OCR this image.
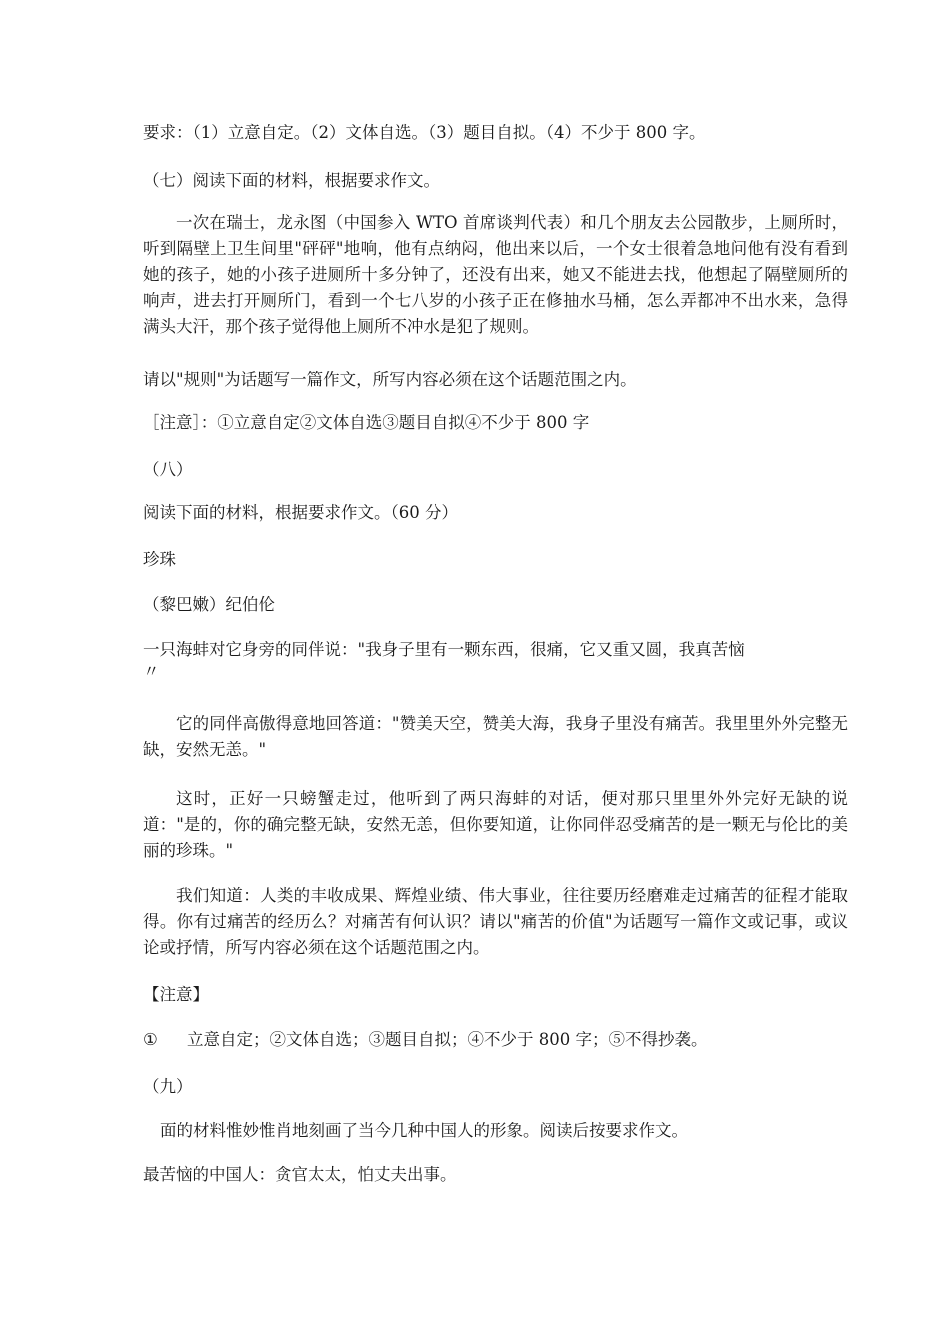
要求：（1）立意自定。（2）文体自选。（3）题目自拟。（4）不少于 800 字。
（七）阅读下面的材料，根据要求作文。
一次在瑞士，龙永图（中国参入 WTO 首席谈判代表）和几个朋友去公园散步，上厕所时，听到隔壁上卫生间里"砰砰"地响，他有点纳闷，他出来以后，一个女士很着急地问他有没有看到她的孩子，她的小孩子进厕所十多分钟了，还没有出来，她又不能进去找，他想起了隔壁厕所的响声，进去打开厕所门，看到一个七八岁的小孩子正在修抽水马桶，怎么弄都冲不出水来，急得满头大汗，那个孩子觉得他上厕所不冲水是犯了规则。
请以"规则"为话题写一篇作文，所写内容必须在这个话题范围之内。
［注意］：①立意自定②文体自选③题目自拟④不少于 800 字
（八）
阅读下面的材料，根据要求作文。（60 分）
珍珠
（黎巴嫩）纪伯伦
一只海蚌对它身旁的同伴说："我身子里有一颗东西，很痛，它又重又圆，我真苦恼
〃
它的同伴高傲得意地回答道："赞美天空，赞美大海，我身子里没有痛苦。我里里外外完整无缺，安然无恙。"
这时，正好一只螃蟹走过，他听到了两只海蚌的对话，便对那只里里外外完好无缺的说道："是的，你的确完整无缺，安然无恙，但你要知道，让你同伴忍受痛苦的是一颗无与伦比的美丽的珍珠。"
我们知道：人类的丰收成果、辉煌业绩、伟大事业，往往要历经磨难走过痛苦的征程才能取得。你有过痛苦的经历么？对痛苦有何认识？请以"痛苦的价值"为话题写一篇作文或记事，或议论或抒情，所写内容必须在这个话题范围之内。
【注意】
① 立意自定；②文体自选；③题目自拟；④不少于 800 字；⑤不得抄袭。
（九）
面的材料惟妙惟肖地刻画了当今几种中国人的形象。阅读后按要求作文。
最苦恼的中国人：贪官太太，怕丈夫出事。
